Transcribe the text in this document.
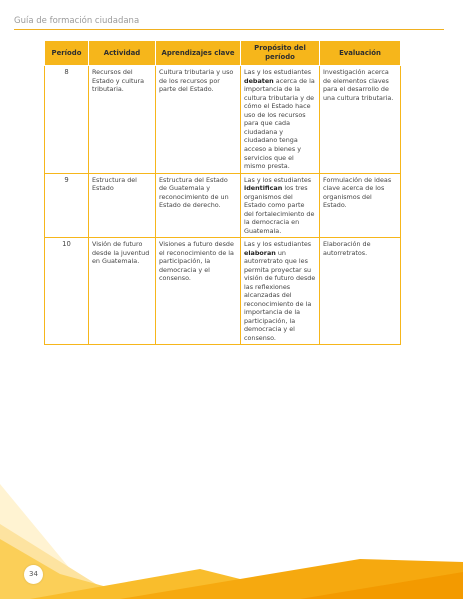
Guía de formación ciudadana
Período	Actividad	Aprendizajes clave	Propósito del período	Evaluación
8	Recursos del Estado y cultura tributaria.	Cultura tributaria y uso de los recursos por parte del Estado.	Las y los estudiantes debaten acerca de la importancia de la cultura tributaria y de cómo el Estado hace uso de los recursos para que cada ciudadana y ciudadano tenga acceso a bienes y servicios que el mismo presta.	Investigación acerca de elementos claves para el desarrollo de una cultura tributaria.
9	Estructura del Estado	Estructura del Estado de Guatemala y reconocimiento de un Estado de derecho.	Las y los estudiantes identifican los tres organismos del Estado como parte del fortalecimiento de la democracia en Guatemala.	Formulación de ideas clave acerca de los organismos del Estado.
10	Visión de futuro desde la juventud en Guatemala.	Visiones a futuro desde el reconocimiento de la participación, la democracia y el consenso.	Las y los estudiantes elaboran un autorretrato que les permita proyectar su visión de futuro desde las reflexiones alcanzadas del reconocimiento de la importancia de la participación, la democracia y el consenso.	Elaboración de autorretratos.
34
